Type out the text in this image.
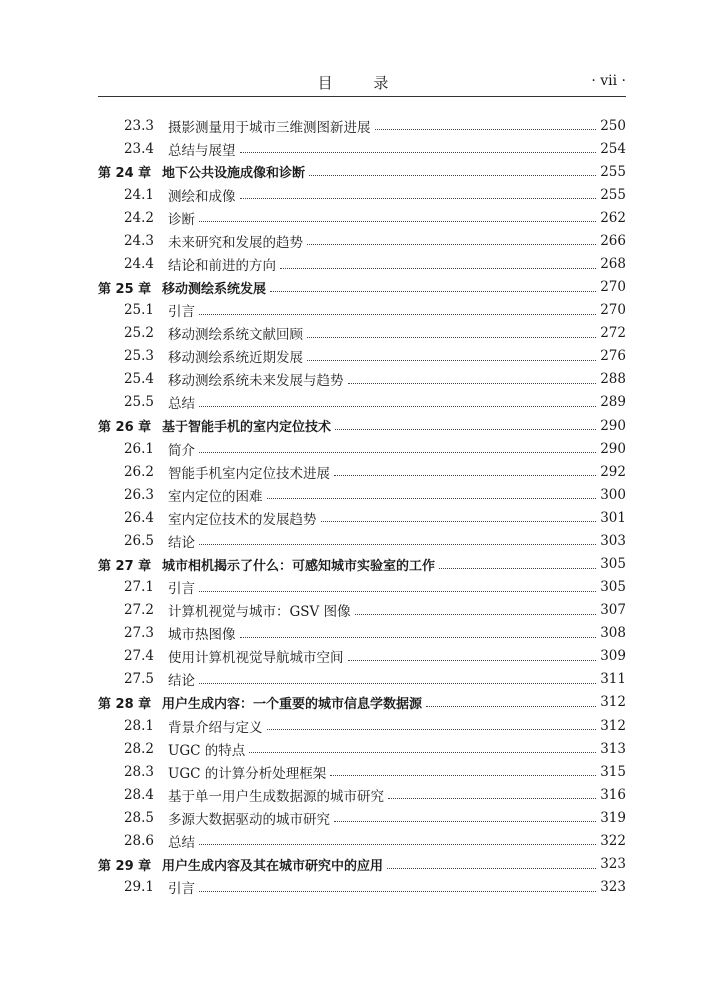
目 录	· vii ·
23.3	摄影测量用于城市三维测图新进展	250
23.4	总结与展望	254
第 24 章 地下公共设施成像和诊断	255
24.1	测绘和成像	255
24.2	诊断	262
24.3	未来研究和发展的趋势	266
24.4	结论和前进的方向	268
第 25 章 移动测绘系统发展	270
25.1	引言	270
25.2	移动测绘系统文献回顾	272
25.3	移动测绘系统近期发展	276
25.4	移动测绘系统未来发展与趋势	288
25.5	总结	289
第 26 章 基于智能手机的室内定位技术	290
26.1	简介	290
26.2	智能手机室内定位技术进展	292
26.3	室内定位的困难	300
26.4	室内定位技术的发展趋势	301
26.5	结论	303
第 27 章 城市相机揭示了什么：可感知城市实验室的工作	305
27.1	引言	305
27.2	计算机视觉与城市：GSV 图像	307
27.3	城市热图像	308
27.4	使用计算机视觉导航城市空间	309
27.5	结论	311
第 28 章 用户生成内容：一个重要的城市信息学数据源	312
28.1	背景介绍与定义	312
28.2	UGC 的特点	313
28.3	UGC 的计算分析处理框架	315
28.4	基于单一用户生成数据源的城市研究	316
28.5	多源大数据驱动的城市研究	319
28.6	总结	322
第 29 章 用户生成内容及其在城市研究中的应用	323
29.1	引言	323
